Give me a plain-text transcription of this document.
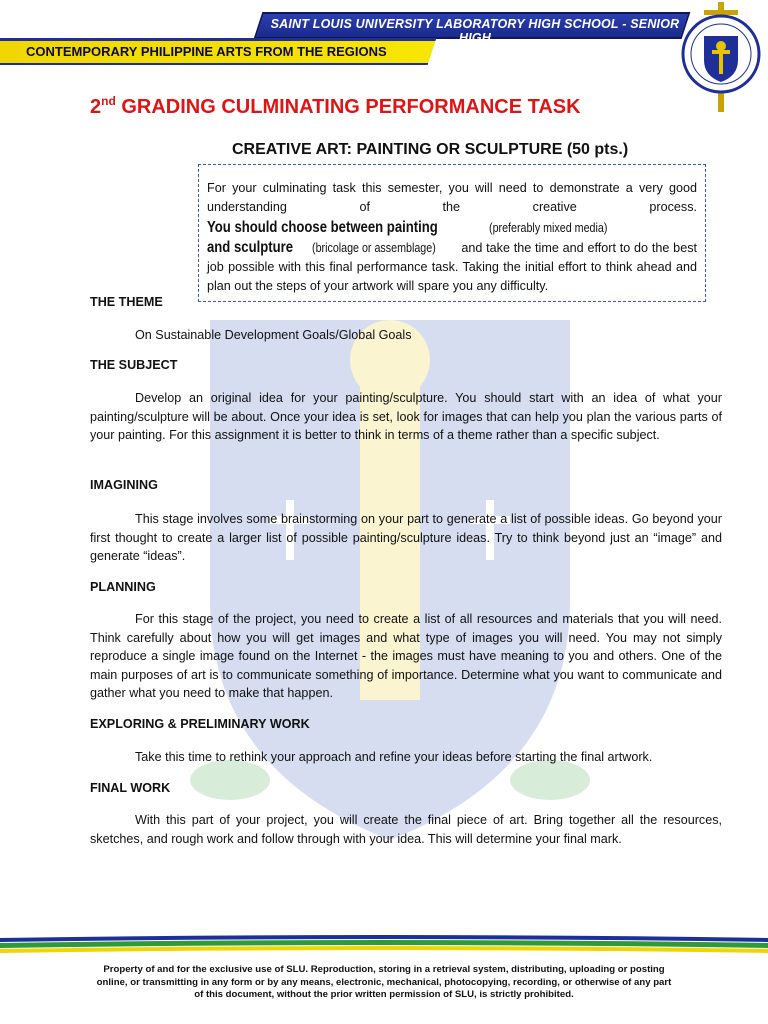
SAINT LOUIS UNIVERSITY LABORATORY HIGH SCHOOL - SENIOR HIGH
CONTEMPORARY PHILIPPINE ARTS FROM THE REGIONS
2nd GRADING CULMINATING PERFORMANCE TASK
CREATIVE ART: PAINTING OR SCULPTURE (50 pts.)
For your culminating task this semester, you will need to demonstrate a very good understanding of the creative process. You should choose between painting	(preferably mixed media)and sculpture(bricolage or assemblage) and take the time and effort to do the best job possible with this final performance task. Taking the initial effort to think ahead and plan out the steps of your artwork will spare you any difficulty.
THE THEME
On Sustainable Development Goals/Global Goals
THE SUBJECT
Develop an original idea for your painting/sculpture. You should start with an idea of what your painting/sculpture will be about. Once your idea is set, look for images that can help you plan the various parts of your painting. For this assignment it is better to think in terms of a theme rather than a specific subject.
IMAGINING
This stage involves some brainstorming on your part to generate a list of possible ideas. Go beyond your first thought to create a larger list of possible painting/sculpture ideas. Try to think beyond just an “image” and generate “ideas”.
PLANNING
For this stage of the project, you need to create a list of all resources and materials that you will need. Think carefully about how you will get images and what type of images you will need. You may not simply reproduce a single image found on the Internet - the images must have meaning to you and others. One of the main purposes of art is to communicate something of importance. Determine what you want to communicate and gather what you need to make that happen.
EXPLORING & PRELIMINARY WORK
Take this time to rethink your approach and refine your ideas before starting the final artwork.
FINAL WORK
With this part of your project, you will create the final piece of art. Bring together all the resources, sketches, and rough work and follow through with your idea. This will determine your final mark.
Property of and for the exclusive use of SLU. Reproduction, storing in a retrieval system, distributing, uploading or posting
online, or transmitting in any form or by any means, electronic, mechanical, photocopying, recording, or otherwise of any part
of this document, without the prior written permission of SLU, is strictly prohibited.
